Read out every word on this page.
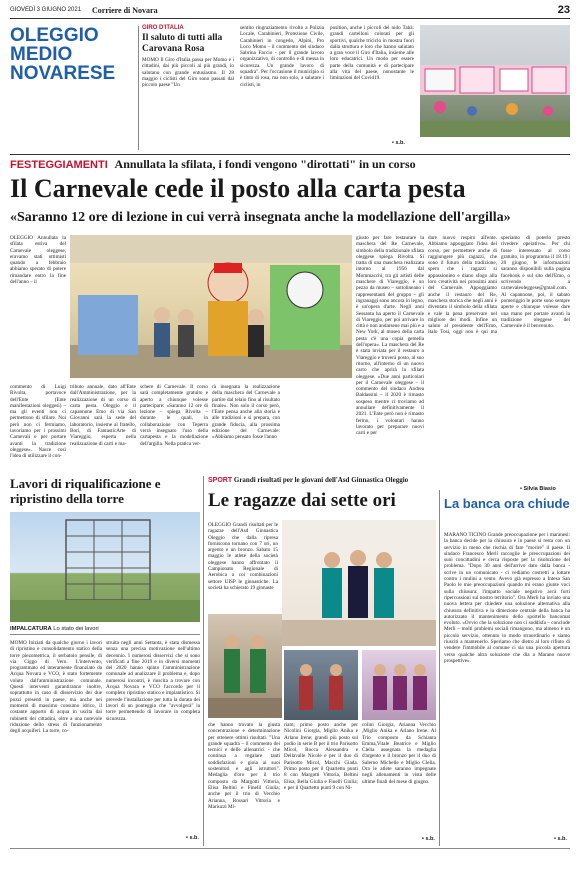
GIOVEDÌ 3 GIUGNO 2021 Corriere di Novara	23
OLEGGIO
MEDIO
NOVARESE
GIRO D'ITALIA
Il saluto di tutti alla Carovana Rosa
MOMO Il Giro d'Italia passa per Momo e i cittadini, dai più piccoli ai più grandi, lo salutano con grande entusiasmo. Il 28 maggio i ciclisti del Giro sono passati dal piccolo paese "Un
sentito ringraziamento rivolto a Polizia Locale, Carabinieri, Protezione Civile, Carabinieri in congedo, Alpini, Pro Loco Momo - il commento del sindaco Sabrina Faccio - per il grande lavoro organizzativo, di controllo e di messa in sicurezza. Un grande lavoro di squadra". Per l'occasione il municipio si è tinto di rosa, ma non solo, a salutare i ciclisti, in
position, anche i piccoli del nido Tabà: grandi cartelloni colorati per gli sportivi, qualche triciclo in mostra fuori dalla struttura e loro che hanno salutato a gran voce il Giro d'Italia, insieme alle loro educatrici. Un modo per essere parte della comunità e di partecipare alla vita del paese, nonostante le limitazioni del Covid19.
• s.b.
FESTEGGIAMENTI Annullata la sfilata, i fondi vengono "dirottati" in un corso
Il Carnevale cede il posto alla carta pesta
«Saranno 12 ore di lezione in cui verrà insegnata anche la modellazione dell'argilla»
OLEGGIO Annullata la sfilata estiva del Carnevale oleggese, eravamo stati ottimisti quando a febbraio abbiamo sperato di potere rimandare entro la fine dell'anno – il
giusto per fare restaurare la maschera del Re Carnevale, simbolo della tradizionale sfilata oleggese spiega Rivolta. Si tratta di una maschera realizzata intorno al 1956 dal Mommacchi, tra gli artisti delle maschere di Viareggio, è un pezzo da museo – sottolineano i rappresentanti del gruppo – gli ingranaggi sono ancora in legno, è un'opera d'arte. Negli anni Sessanta ha aperto il Carnevale di Viareggio, per poi arrivare in città e non andarsene mai più e a New York, al museo della carta pesta c'è una copia gemella dell'opera». La maschera del Re è stata inviata per il restauro a Viareggio e troverà posto, al suo ritorno, all'interno di un nuovo carro che aprirà la sfilata oleggese. «Due anni particolari per il Carnevale oleggese – il commento del sindaco Andrea Baldassini – il 2020 è rimasto sospeso mentre ci troviamo ad annullare definitivamente il 2021. L'Ente però non è rimasto fermo, i volontari hanno lavorato per preparare nuovi carri e per
dare nuovo respiro all'ente. Abbiamo appoggiato l'idea del corso, per permettere anche di raggiungere più ragazzi, che sono il futuro della tradizione, spero che i ragazzi si appassionino e diano sfogo alla loro creatività nei prossimi anni del Carnevale. Appoggiamo anche il restauro del Re, maschera storica che negli anni è diventato il simbolo della sfilata e vale la pena preservare nel migliore dei modi. Infine un saluto al presidente dell'Emo, Italo Tosi, oggi non è qui ma speriamo di poterlo presto rivedere operativo». Per chi fosse interessato al corso gratuito, in programma il 18.19 | 20 giugno, le informazioni saranno disponibili sulla pagina facebook e sul sito dell'Emo, o scrivendo a carnevaleoleggese@gmail.com. Al capannone, poi, il sabato pomeriggio le porte sono sempre aperte e chiunque volesse dare una mano per portare avanti la tradizione oleggese del Carnevale è il benvenuto.
• Silvia Biasio
commento di Luigi Rivolta, portavoce dell'Ente (Ente manifestazioni oleggesi) – ma gli eventi non ci permettono di sfilare. Noi però non ci fermiamo, lavoriamo per i prossimi Carnevali e per portare avanti la tradizione oleggese». Nasce così l'idea di utilizzare il con-
tributo annuale, dato all'Ente dall'Amministrazione, per la realizzazione di un corso di carta pesta. Oleggio e il capannone Emo di via San Giovanni sarà la sede del laboratorio, insieme al fratello, Bori, di FantasticArte di Viareggio, esperta nella realizzazione di carri e ma-
schere di Carnevale. Il corso sarà completamente gratuito e aperto a chiunque volesse partecipare: «Saranno 12 ore di lezione – spiega Rivolta – durante le quali, in collaborazione con Teperra verrà insegnato l'uso della cartapesta e la modellazione dell'argilla. Nella pratica ver-
rà insegnata la realizzazione della maschera del Carnevale a partire dal telaio fino al risultato finale». Non solo il corso però, l'Ente pensa anche alla storia e alle tradizioni e si prepara, con grande fiducia, alla prossima edizione del Carnevale: «Abbiamo pensato fosse l'anno
Lavori di riqualificazione e ripristino della torre
IMPALCATURA Lo stato dei lavori
MOMO Iniziati da qualche giorno i lavori di ripristino e consolidamento statico della torre piezometrica, il serbatoio pensile, di via Ciggo di Vero. L'intervento, programmato ed interamente finanziato da Acqua Novara e VCO, è stato fortemente voluto dall'amministrazione comunale. Questi interventi garantiranno inoltre, soprattutto in caso di disservizio dei due pozzi presenti in paese, ma anche nei momenti di massimo consumo idrico, il costante apporto di acqua in uscita dai rubinetti dei cittadini, oltre a una notevole riduzione dello stress di funzionamento degli acquiferi. La torre, co-
struita negli anni Settanta, è stata dismessa senza una precisa motivazione nell'ultimo decennio. I numerosi disservizi che si sono verificati a fine 2019 e in diversi momenti del 2020 hanno spinto l'amministrazione comunale ad analizzare il problema e, dopo numerosi incontri, è riuscita a trovare con Acqua Novara e VCO l'accordo per il completo ripristino statico e impiantistico. Si prevede l'installazione per tutta la durata dei lavori di un ponteggio che "avvolgerà" la torre permettendo di lavorare in completa sicurezza.
• s.b.
SPORT Grandi risultati per le giovani dell'Asd Ginnastica Oleggio
Le ragazze dai sette ori
OLEGGIO Grandi risultati per le ragazze dell'Asd Ginnastica Oleggio che dalla ripresa forniscono tornano con 7 ori, un argento e un bronzo. Sabato 15 maggio le atlete della società oleggese hanno affrontato il Campionato Regionale di Aerobica a coi combinazioni settore UISP le ginnastiche. La società ha schierato 19 ginnaste
che hanno trovato la giusta concentrazione e determinazione per ottenere ottimi risultati. "Una grande squadra – il commento dei tecnici e delle allenatrici - che continua a regalare tanti soddisfazioni e gioia ai suoi sostenitori e agli istruttori". Medaglia d'oro per il trio composto da Margotti Vittoria, Elisa Beltini e Finelli Giulia; anche per il trio di Vecchio Arianna, Rossari Vittoria e Mariuzzi Mi-
riam; primo posto anche per Nicolini Giorgia, Miglio Anika e Arlano Irene; grandi più posto sul podio in serie B per il trio Parisotto Micol, Rocca Alessandra e Dellavalle Nicole e per il duo di Parisotto Micol, Macchi Giada. Primo posto per il Quartetto punti 8 con Margotti Vittoria, Beltini Elisa, Bella Giulia e Finelli Giulia; e per il Quartetto punti 9 con Ni-
colini Giorgia, Arianna Vecchio ,Miglio Anika e Arlano Irene. Al Trio composto da Schianta Emma,Vitale Beatrice e Miglio Clelia assegnata la medaglia d'argento e il bronzo per il duo di Salerno Michelle e Miglio Clelia. Ora le atlete saranno impegnate negli allenamenti in vista delle ultime finali del mese di giugno.
• s.b.
La banca ora chiude
MARANO TICINO Grande preoccupazione per i maranesi: la banca decide per la chiusura e in paese si resta con un servizio in meno che rischia di fare "morire" il paese. Il sindaco Francesco Merli raccoglie le preoccupazioni dei suoi concittadini e cerca risposte per la risoluzione del problema. "Dopo 30 anni dell'arrivo dato dalla banca - scrive in un comunicato - ci vediamo costretti a lottare contro i mulini a vento. Avevo già espresso a Intesa San Paolo le mie preoccupazioni quando mi erano giunte voci sulla chiusura: l'impatto sociale negativo avrà forti ripercussioni sul nostro territorio". Ora Merli ha inviato una nuova lettera per chiedere una soluzione alternativa alla chiusura definitiva e la dimezione centrale della banca ha autorizzato il mantenimento dello sportello bancomat evoluto. «Ovvio che la soluzione non ci soddisfa – conclude Merli – molti problemi sociali rimangono, ma almeno è un piccolo servizio, ottenuto in modo straordinario e siamo riusciti a mantenerlo. Speriamo che dietro al loro rifiuto di vendere l'immobile al comune ci sia una piccola apertura verso qualche altra soluzione che dia a Marano nuove prospettive».
• s.b.
